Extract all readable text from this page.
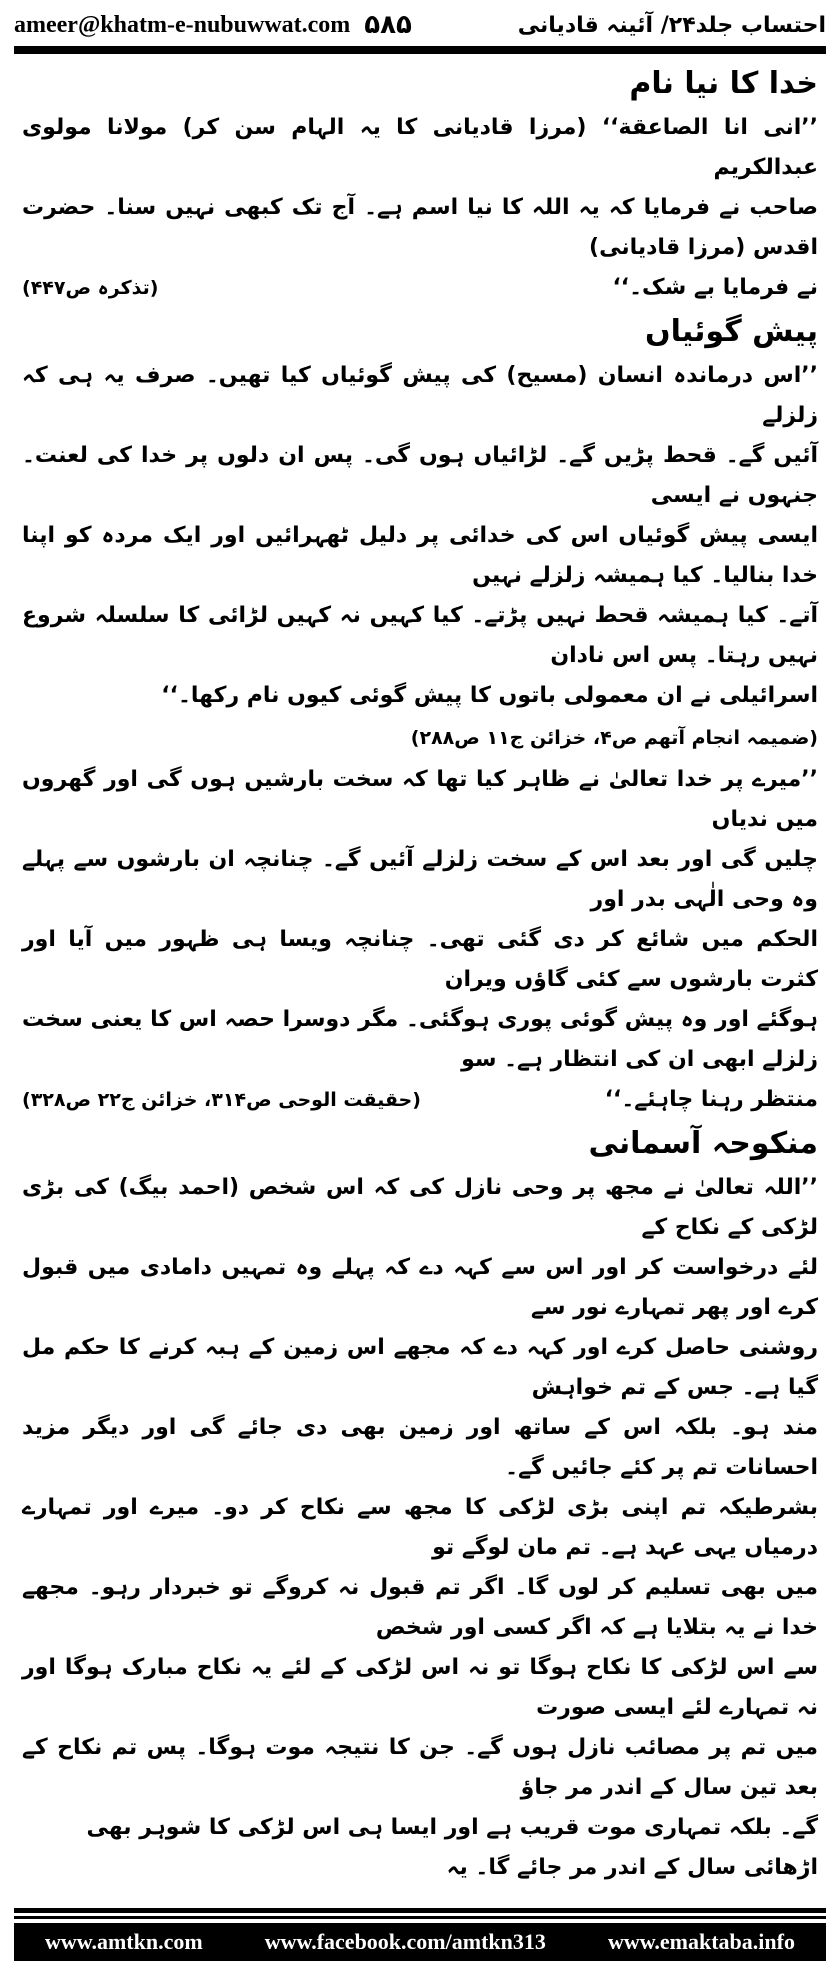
ameer@khatm-e-nubuwwat.com ۵۸۵	احتساب جلد۲۴/ آئینہ قادیانی
خدا کا نیا نام
’’انی انا الصاعقة‘‘ (مرزا قادیانی کا یہ الہام سن کر) مولانا مولوی عبدالکریم
صاحب نے فرمایا کہ یہ اللہ کا نیا اسم ہے۔ آج تک کبھی نہیں سنا۔ حضرت اقدس (مرزا قادیانی)
نے فرمایا بے شک۔‘‘
(تذکرہ ص۴۴۷)
پیش گوئیاں
’’اس درماندہ انسان (مسیح) کی پیش گوئیاں کیا تھیں۔ صرف یہ ہی کہ زلزلے
آئیں گے۔ قحط پڑیں گے۔ لڑائیاں ہوں گی۔ پس ان دلوں پر خدا کی لعنت۔ جنہوں نے ایسی
ایسی پیش گوئیاں اس کی خدائی پر دلیل ٹھہرائیں اور ایک مردہ کو اپنا خدا بنالیا۔ کیا ہمیشہ زلزلے نہیں
آتے۔ کیا ہمیشہ قحط نہیں پڑتے۔ کیا کہیں نہ کہیں لڑائی کا سلسلہ شروع نہیں رہتا۔ پس اس نادان
اسرائیلی نے ان معمولی باتوں کا پیش گوئی کیوں نام رکھا۔‘‘
(ضمیمہ انجام آتھم ص۴، خزائن ج۱۱ ص۲۸۸)
’’میرے پر خدا تعالیٰ نے ظاہر کیا تھا کہ سخت بارشیں ہوں گی اور گھروں میں ندیاں
چلیں گی اور بعد اس کے سخت زلزلے آئیں گے۔ چنانچہ ان بارشوں سے پہلے وہ وحی الٰہی بدر اور
الحکم میں شائع کر دی گئی تھی۔ چنانچہ ویسا ہی ظہور میں آیا اور کثرت بارشوں سے کئی گاؤں ویران
ہوگئے اور وہ پیش گوئی پوری ہوگئی۔ مگر دوسرا حصہ اس کا یعنی سخت زلزلے ابھی ان کی انتظار ہے۔ سو
منتظر رہنا چاہئے۔‘‘
(حقیقت الوحی ص۳۱۴، خزائن ج۲۲ ص۳۲۸)
منکوحہ آسمانی
’’اللہ تعالیٰ نے مجھ پر وحی نازل کی کہ اس شخص (احمد بیگ) کی بڑی لڑکی کے نکاح کے
لئے درخواست کر اور اس سے کہہ دے کہ پہلے وہ تمہیں دامادی میں قبول کرے اور پھر تمہارے نور سے
روشنی حاصل کرے اور کہہ دے کہ مجھے اس زمین کے ہبہ کرنے کا حکم مل گیا ہے۔ جس کے تم خواہش
مند ہو۔ بلکہ اس کے ساتھ اور زمین بھی دی جائے گی اور دیگر مزید احسانات تم پر کئے جائیں گے۔
بشرطیکہ تم اپنی بڑی لڑکی کا مجھ سے نکاح کر دو۔ میرے اور تمہارے درمیاں یہی عہد ہے۔ تم مان لوگے تو
میں بھی تسلیم کر لوں گا۔ اگر تم قبول نہ کروگے تو خبردار رہو۔ مجھے خدا نے یہ بتلایا ہے کہ اگر کسی اور شخص
سے اس لڑکی کا نکاح ہوگا تو نہ اس لڑکی کے لئے یہ نکاح مبارک ہوگا اور نہ تمہارے لئے ایسی صورت
میں تم پر مصائب نازل ہوں گے۔ جن کا نتیجہ موت ہوگا۔ پس تم نکاح کے بعد تین سال کے اندر مر جاؤ
گے۔ بلکہ تمہاری موت قریب ہے اور ایسا ہی اس لڑکی کا شوہر بھی اڑھائی سال کے اندر مر جائے گا۔ یہ
www.amtkn.com	www.facebook.com/amtkn313	www.emaktaba.info
